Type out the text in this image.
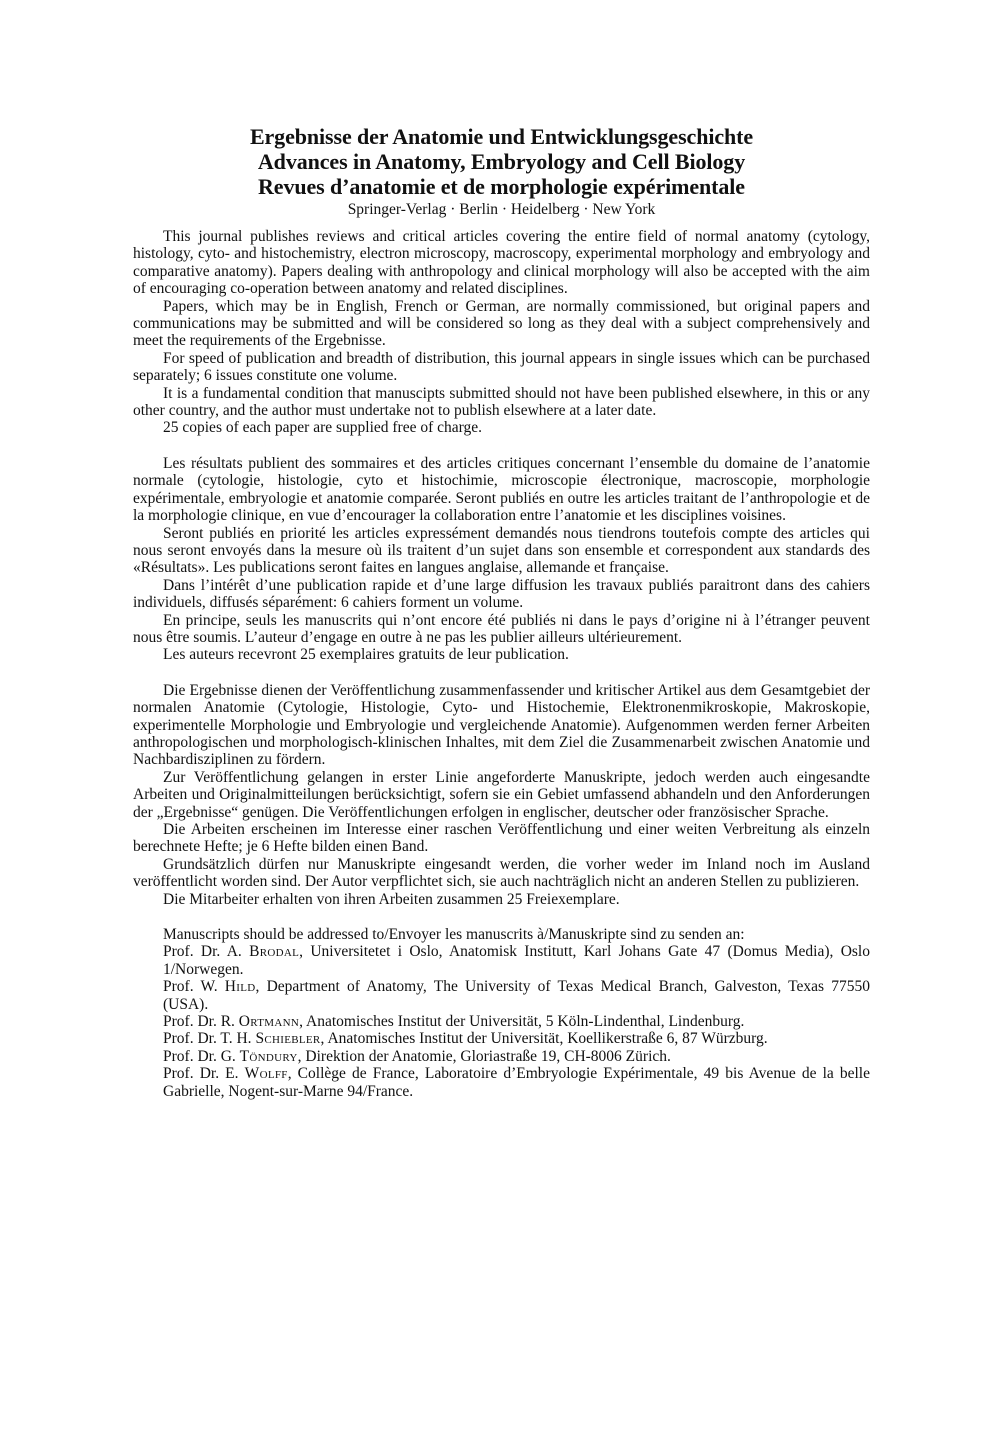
Ergebnisse der Anatomie und Entwicklungsgeschichte

Advances in Anatomy, Embryology and Cell Biology

Revues d’anatomie et de morphologie expérimentale

Springer-Verlag · Berlin · Heidelberg · New York

This journal publishes reviews and critical articles covering the entire field of normal anatomy (cytology, histology, cyto- and histochemistry, electron microscopy, macroscopy, experimental morphology and embryology and comparative anatomy). Papers dealing with anthropology and clinical morphology will also be accepted with the aim of encouraging co-operation between anatomy and related disciplines.

Papers, which may be in English, French or German, are normally commissioned, but original papers and communications may be submitted and will be considered so long as they deal with a subject comprehensively and meet the requirements of the Ergebnisse.

For speed of publication and breadth of distribution, this journal appears in single issues which can be purchased separately; 6 issues constitute one volume.

It is a fundamental condition that manuscipts submitted should not have been published elsewhere, in this or any other country, and the author must undertake not to publish elsewhere at a later date.

25 copies of each paper are supplied free of charge.

Les résultats publient des sommaires et des articles critiques concernant l’ensemble du domaine de l’anatomie normale (cytologie, histologie, cyto et histochimie, microscopie électronique, macroscopie, morphologie expérimentale, embryologie et anatomie comparée. Seront publiés en outre les articles traitant de l’anthropologie et de la morphologie clinique, en vue d’encourager la collaboration entre l’anatomie et les disciplines voisines.

Seront publiés en priorité les articles expressément demandés nous tiendrons toutefois compte des articles qui nous seront envoyés dans la mesure où ils traitent d’un sujet dans son ensemble et correspondent aux standards des «Résultats». Les publications seront faites en langues anglaise, allemande et française.

Dans l’intérêt d’une publication rapide et d’une large diffusion les travaux publiés paraitront dans des cahiers individuels, diffusés séparément: 6 cahiers forment un volume.

En principe, seuls les manuscrits qui n’ont encore été publiés ni dans le pays d’origine ni à l’étranger peuvent nous être soumis. L’auteur d’engage en outre à ne pas les publier ailleurs ultérieurement.

Les auteurs recevront 25 exemplaires gratuits de leur publication.

Die Ergebnisse dienen der Veröffentlichung zusammenfassender und kritischer Artikel aus dem Gesamtgebiet der normalen Anatomie (Cytologie, Histologie, Cyto- und Histochemie, Elektronenmikroskopie, Makroskopie, experimentelle Morphologie und Embryologie und vergleichende Anatomie). Aufgenommen werden ferner Arbeiten anthropologischen und morphologisch-klinischen Inhaltes, mit dem Ziel die Zusammenarbeit zwischen Anatomie und Nachbardisziplinen zu fördern.

Zur Veröffentlichung gelangen in erster Linie angeforderte Manuskripte, jedoch werden auch eingesandte Arbeiten und Originalmitteilungen berücksichtigt, sofern sie ein Gebiet umfassend abhandeln und den Anforderungen der „Ergebnisse“ genügen. Die Veröffentlichungen erfolgen in englischer, deutscher oder französischer Sprache.

Die Arbeiten erscheinen im Interesse einer raschen Veröffentlichung und einer weiten Verbreitung als einzeln berechnete Hefte; je 6 Hefte bilden einen Band.

Grundsätzlich dürfen nur Manuskripte eingesandt werden, die vorher weder im Inland noch im Ausland veröffentlicht worden sind. Der Autor verpflichtet sich, sie auch nachträglich nicht an anderen Stellen zu publizieren.

Die Mitarbeiter erhalten von ihren Arbeiten zusammen 25 Freiexemplare.

Manuscripts should be addressed to/Envoyer les manuscrits à/Manuskripte sind zu senden an:

Prof. Dr. A. Brodal, Universitetet i Oslo, Anatomisk Institutt, Karl Johans Gate 47 (Domus Media), Oslo 1/Norwegen.

Prof. W. Hild, Department of Anatomy, The University of Texas Medical Branch, Galveston, Texas 77550 (USA).

Prof. Dr. R. Ortmann, Anatomisches Institut der Universität, 5 Köln-Lindenthal, Lindenburg.

Prof. Dr. T. H. Schiebler, Anatomisches Institut der Universität, Koellikerstraße 6, 87 Würzburg.

Prof. Dr. G. Töndury, Direktion der Anatomie, Gloriastraße 19, CH-8006 Zürich.

Prof. Dr. E. Wolff, Collège de France, Laboratoire d’Embryologie Expérimentale, 49 bis Avenue de la belle Gabrielle, Nogent-sur-Marne 94/France.
